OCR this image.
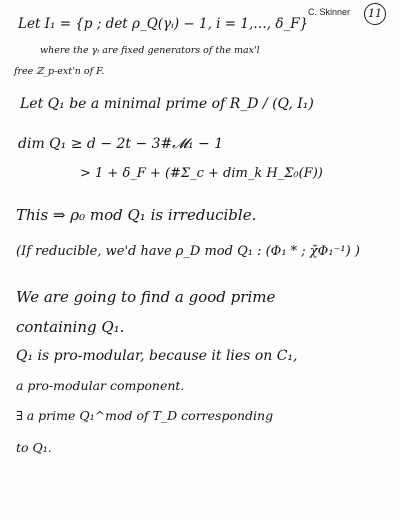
C. Skinner	11
Let I₁ = {p ; det ρ_Q(γᵢ) − 1, i = 1,…, δ_F}
where the γᵢ are fixed generators of the max'l
free ℤ_p-ext'n of F.
Let Q₁ be a minimal prime of R_D / (Q, I₁)
dim Q₁ ≥ d − 2t − 3#𝓜₁ − 1
> 1 + δ_F + (#Σ_c + dim_k H_Σ₀(F))
This ⇒ ρ₀ mod Q₁ is irreducible.
(If reducible, we'd have ρ_D mod Q₁ : (Φ₁ * ; χ̃Φ₁⁻¹) )
We are going to find a good prime
containing Q₁.
Q₁ is pro-modular, because it lies on C₁,
a pro-modular component.
∃ a prime Q₁^mod of T_D corresponding
to Q₁.
